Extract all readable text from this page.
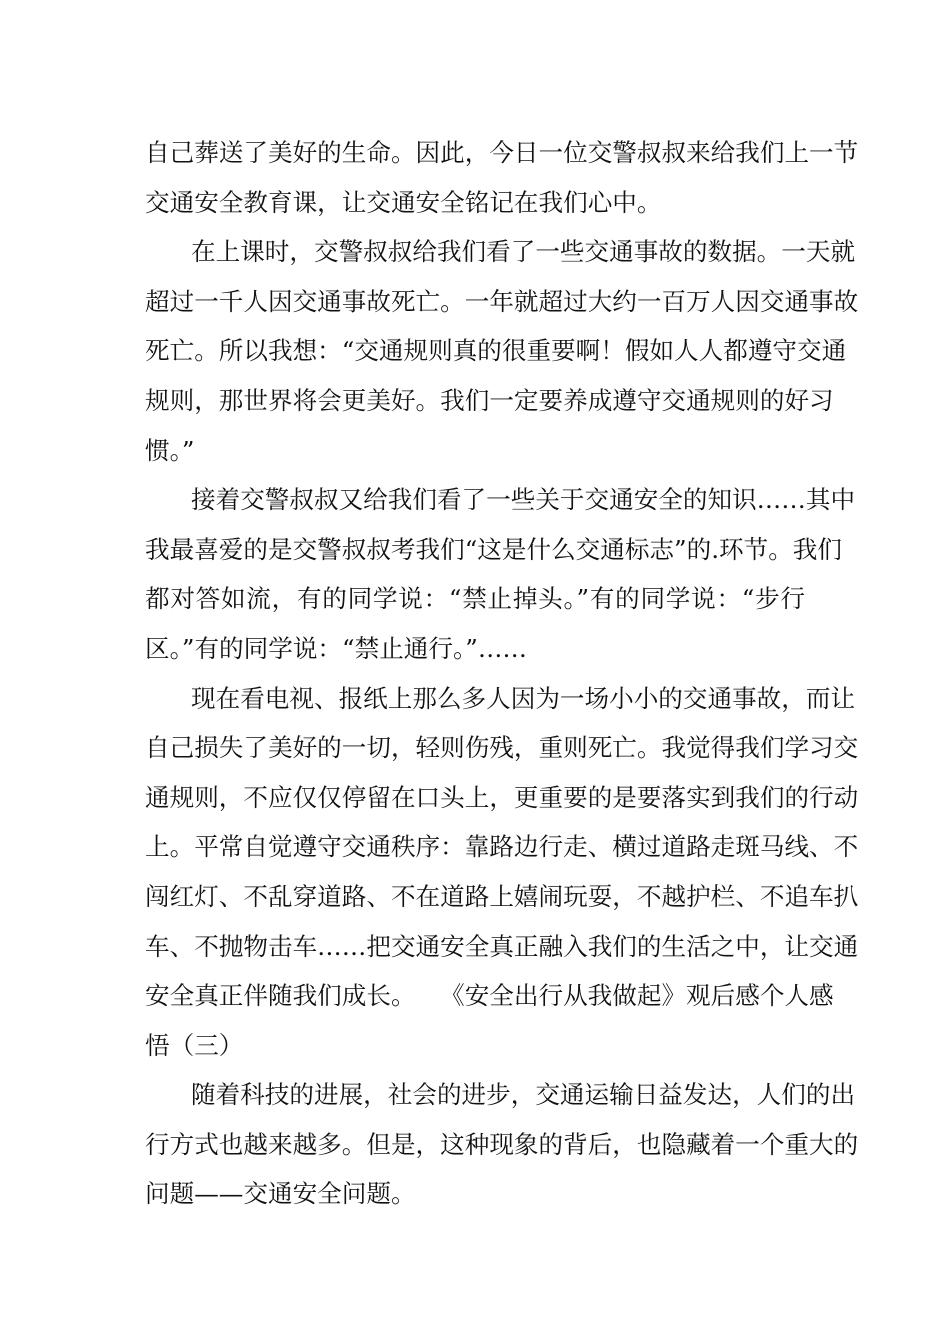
自己葬送了美好的生命。因此，今日一位交警叔叔来给我们上一节
交通安全教育课，让交通安全铭记在我们心中。
在上课时，交警叔叔给我们看了一些交通事故的数据。一天就
超过一千人因交通事故死亡。一年就超过大约一百万人因交通事故
死亡。所以我想：“交通规则真的很重要啊！假如人人都遵守交通
规则，那世界将会更美好。我们一定要养成遵守交通规则的好习
惯。”
接着交警叔叔又给我们看了一些关于交通安全的知识……其中
我最喜爱的是交警叔叔考我们“这是什么交通标志”的.环节。我们
都对答如流，有的同学说：“禁止掉头。”有的同学说：“步行
区。”有的同学说：“禁止通行。”……
现在看电视、报纸上那么多人因为一场小小的交通事故，而让
自己损失了美好的一切，轻则伤残，重则死亡。我觉得我们学习交
通规则，不应仅仅停留在口头上，更重要的是要落实到我们的行动
上。平常自觉遵守交通秩序：靠路边行走、横过道路走斑马线、不
闯红灯、不乱穿道路、不在道路上嬉闹玩耍，不越护栏、不追车扒
车、不抛物击车……把交通安全真正融入我们的生活之中，让交通
安全真正伴随我们成长。　　《安全出行从我做起》观后感个人感
悟（三）
随着科技的进展，社会的进步，交通运输日益发达，人们的出
行方式也越来越多。但是，这种现象的背后，也隐藏着一个重大的
问题——交通安全问题。
